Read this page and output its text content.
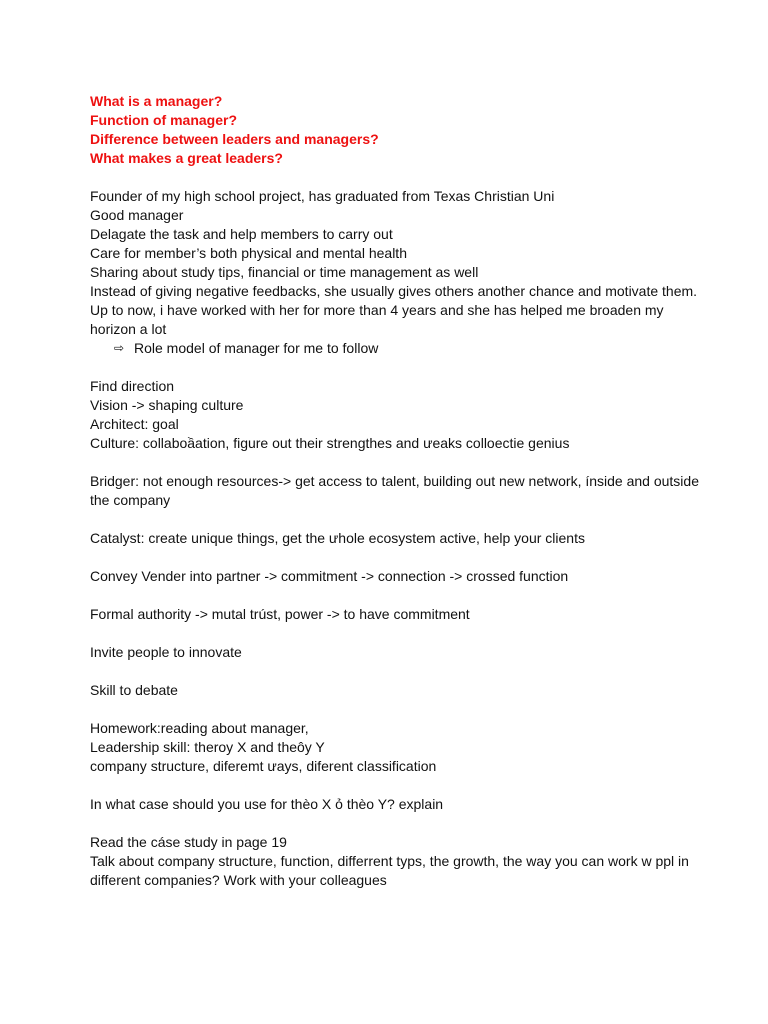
What is a manager?

Function of manager?

Difference between leaders and managers?

What makes a great leaders?

Founder of my high school project, has graduated from Texas Christian Uni

Good manager

Delagate the task and help members to carry out

Care for member’s both physical and mental health

Sharing about study tips, financial or time management as well

Instead of giving negative feedbacks, she usually gives others another chance and motivate them.

Up to now, i have worked with her for more than 4 years and she has helped me broaden my horizon a lot

⇨ Role model of manager for me to follow

Find direction

Vision -> shaping culture

Architect: goal

Culture: collaboầation, figure out their strengthes and ưeaks colloectie genius

Bridger: not enough resources-> get access to talent, building out new network, ínside and outside the company

Catalyst: create unique things, get the ưhole ecosystem active, help your clients

Convey Vender into partner -> commitment -> connection -> crossed function

Formal authority -> mutal trúst, power -> to have commitment

Invite people to innovate

Skill to debate

Homework:reading about manager,

Leadership skill: theroy X and theôy Y

company structure, diferemt ưays, diferent classification

In what case should you use for thèo X ỏ thèo Y? explain

Read the cáse study in page 19

Talk about company structure, function, differrent typs, the growth, the way you can work w ppl in different companies? Work with your colleagues
